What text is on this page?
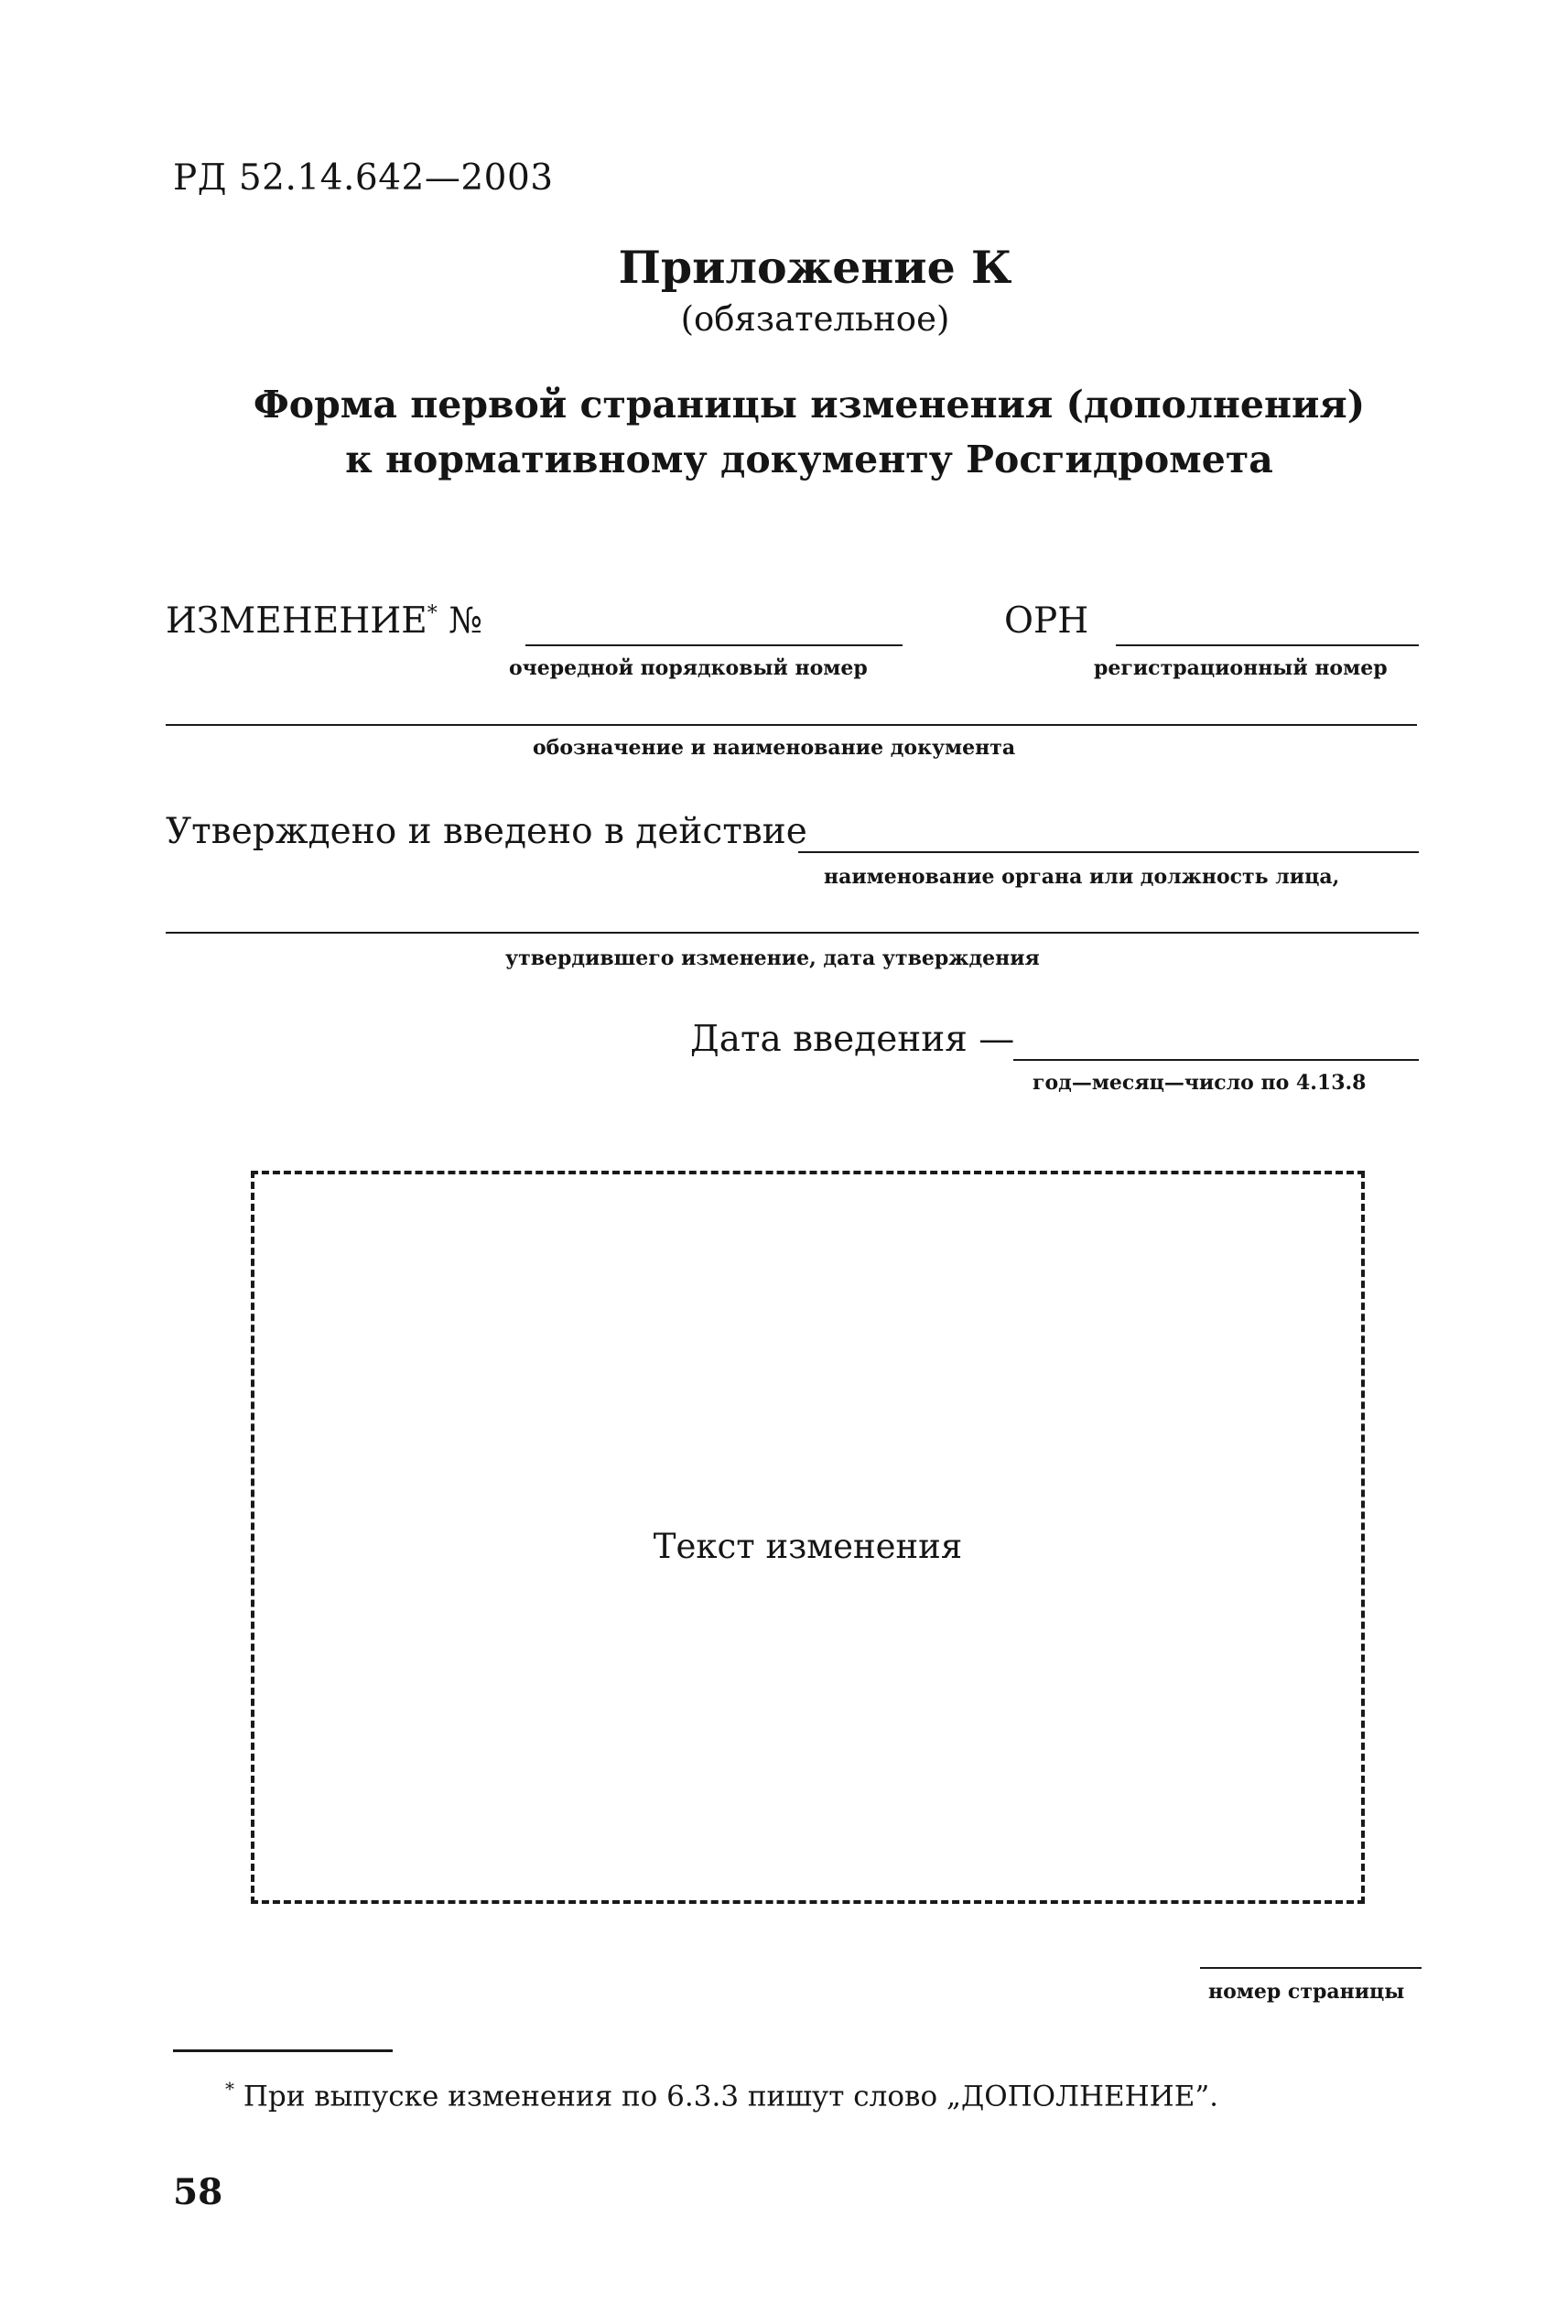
РД 52.14.642—2003
Приложение К
(обязательное)
Форма первой страницы изменения (дополнения)
к нормативному документу Росгидромета
ИЗМЕНЕНИЕ* №
очередной порядковый номер
ОРН
регистрационный номер
обозначение и наименование документа
Утверждено и введено в действие
наименование органа или должность лица,
утвердившего изменение, дата утверждения
Дата введения —
год—месяц—число по 4.13.8
Текст изменения
номер страницы
* При выпуске изменения по 6.3.3 пишут слово „ДОПОЛНЕНИЕ”.
58
